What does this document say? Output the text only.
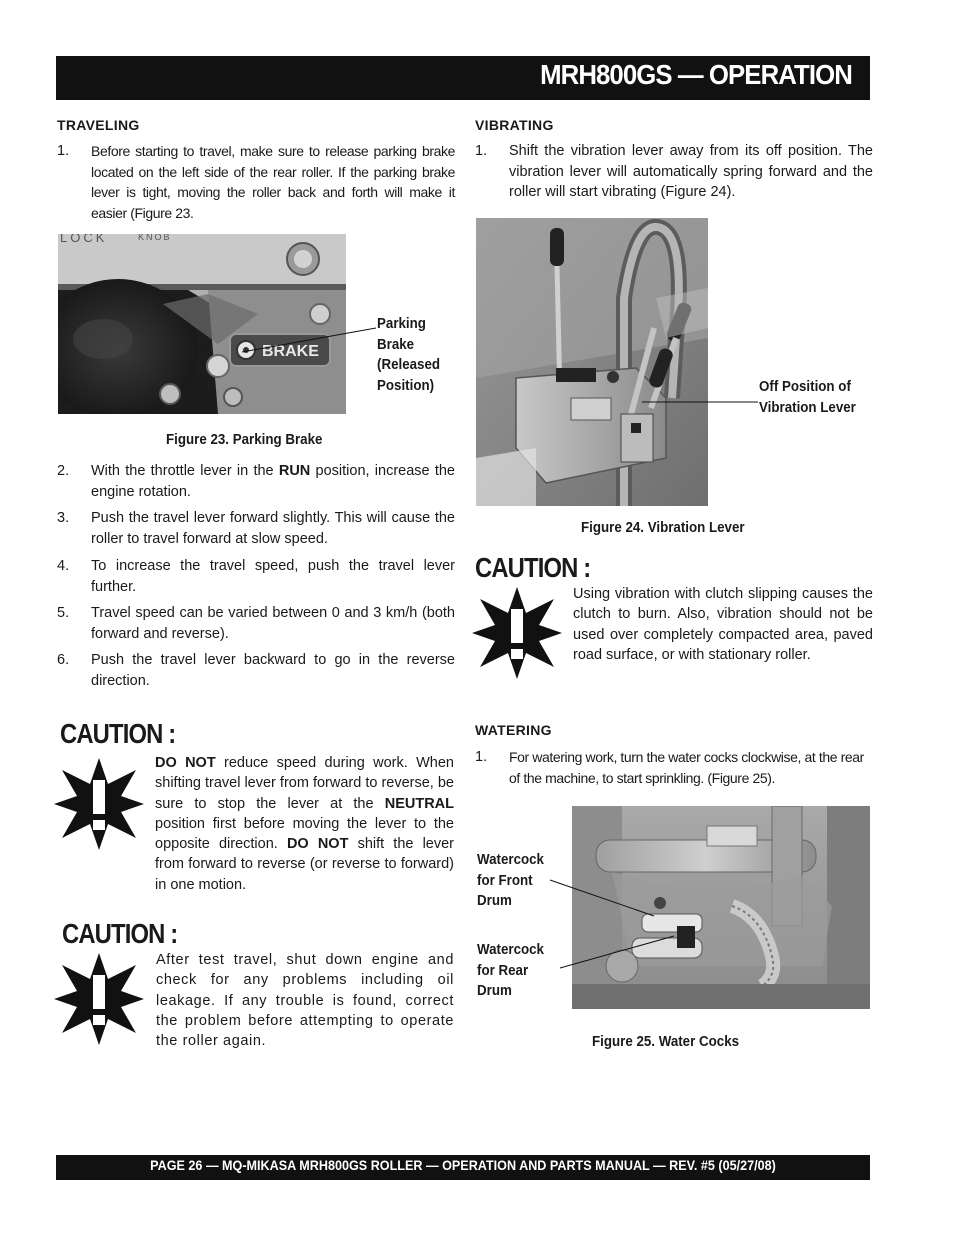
MRH800GS — OPERATION
TRAVELING
1. Before starting to travel, make sure to release parking brake located on the left side of the rear roller. If the parking brake lever is tight, moving the roller back and forth will make it easier (Figure 23.
BRAKE
LOCK	KNOB
Parking
Brake
(Released
Position)
Figure 23. Parking Brake
2. With the throttle lever in the RUN position, increase the engine rotation.
3. Push the travel lever forward slightly. This will cause the roller to travel forward at slow speed.
4. To increase the travel speed, push the travel lever further.
5. Travel speed can be varied between 0 and 3 km/h (both forward and reverse).
6. Push the travel lever backward to go in the reverse direction.
CAUTION :
DO NOT reduce speed during work. When shifting travel lever from forward to reverse, be sure to stop the lever at the NEUTRAL position first before moving the lever to the opposite direction. DO NOT shift the lever from forward to reverse (or reverse to forward) in one motion.
CAUTION :
After test travel, shut down engine and check for any problems including oil leakage. If any trouble is found, correct the problem before attempting to operate the roller again.
VIBRATING
1. Shift the vibration lever away from its off position. The vibration lever will automatically spring forward and the roller will start vibrating (Figure 24).
Off Position of
Vibration Lever
Figure 24. Vibration Lever
CAUTION :
Using vibration with clutch slipping causes the clutch to burn. Also, vibration should not be used over completely compacted area, paved road surface, or with stationary roller.
WATERING
1. For watering work, turn the water cocks clockwise, at the rear of the machine, to start sprinkling. (Figure 25).
Watercock
for Front
Drum
Watercock
for Rear
Drum
Figure 25. Water Cocks
PAGE 26 — MQ-MIKASA MRH800GS ROLLER — OPERATION AND PARTS MANUAL — REV. #5 (05/27/08)
